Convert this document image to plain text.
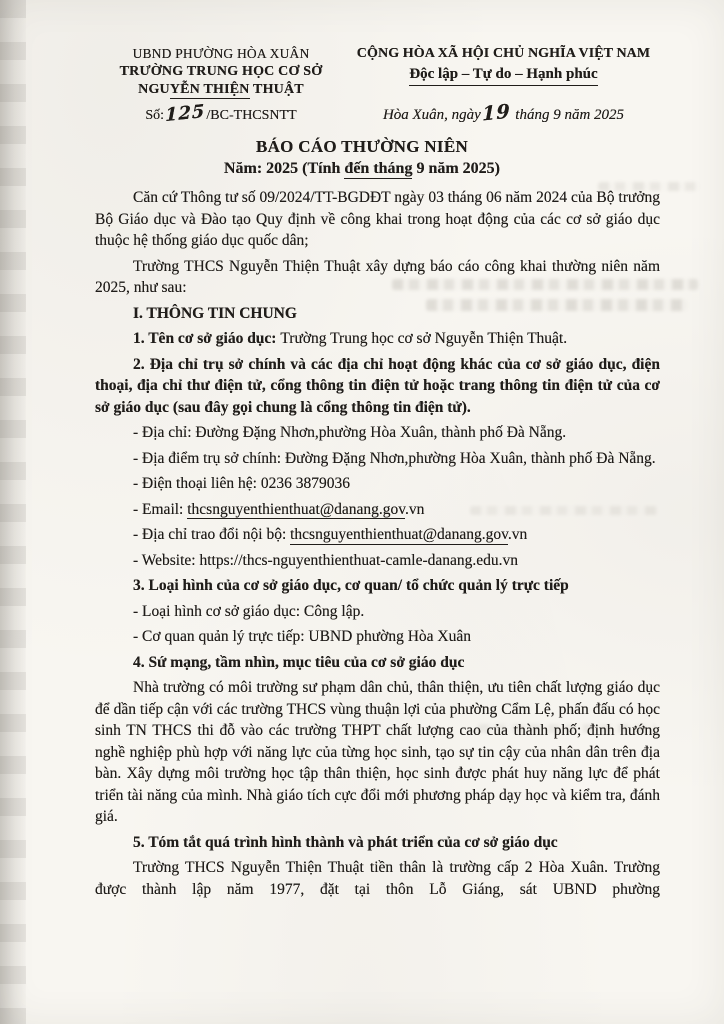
UBND PHƯỜNG HÒA XUÂN
TRƯỜNG TRUNG HỌC CƠ SỞ
NGUYỄN THIỆN THUẬT
Số:125/BC-THCSNTT
CỘNG HÒA XÃ HỘI CHỦ NGHĨA VIỆT NAM
Độc lập – Tự do – Hạnh phúc
Hòa Xuân, ngày19 tháng 9 năm 2025
BÁO CÁO THƯỜNG NIÊN
Năm: 2025 (Tính đến tháng 9 năm 2025)

Căn cứ Thông tư số 09/2024/TT-BGDĐT ngày 03 tháng 06 năm 2024 của Bộ trưởng Bộ Giáo dục và Đào tạo Quy định về công khai trong hoạt động của các cơ sở giáo dục thuộc hệ thống giáo dục quốc dân;

Trường THCS Nguyễn Thiện Thuật xây dựng báo cáo công khai thường niên năm 2025, như sau:

I. THÔNG TIN CHUNG

1. Tên cơ sở giáo dục: Trường Trung học cơ sở Nguyễn Thiện Thuật.

2. Địa chỉ trụ sở chính và các địa chỉ hoạt động khác của cơ sở giáo dục, điện thoại, địa chỉ thư điện tử, cổng thông tin điện tử hoặc trang thông tin điện tử của cơ sở giáo dục (sau đây gọi chung là cổng thông tin điện tử).

- Địa chỉ: Đường Đặng Nhơn,phường Hòa Xuân, thành phố Đà Nẵng.

- Địa điểm trụ sở chính: Đường Đặng Nhơn,phường Hòa Xuân, thành phố Đà Nẵng.

- Điện thoại liên hệ: 0236 3879036

- Email: thcsnguyenthienthuat@danang.gov.vn

- Địa chỉ trao đổi nội bộ: thcsnguyenthienthuat@danang.gov.vn

- Website: https://thcs-nguyenthienthuat-camle-danang.edu.vn

3. Loại hình của cơ sở giáo dục, cơ quan/ tổ chức quản lý trực tiếp

- Loại hình cơ sở giáo dục: Công lập.

- Cơ quan quản lý trực tiếp: UBND phường Hòa Xuân

4. Sứ mạng, tầm nhìn, mục tiêu của cơ sở giáo dục

Nhà trường có môi trường sư phạm dân chủ, thân thiện, ưu tiên chất lượng giáo dục để dần tiếp cận với các trường THCS vùng thuận lợi của phường Cẩm Lệ, phấn đấu có học sinh TN THCS thi đỗ vào các trường THPT chất lượng cao của thành phố; định hướng nghề nghiệp phù hợp với năng lực của từng học sinh, tạo sự tin cậy của nhân dân trên địa bàn. Xây dựng môi trường học tập thân thiện, học sinh được phát huy năng lực để phát triển tài năng của mình. Nhà giáo tích cực đổi mới phương pháp dạy học và kiểm tra, đánh giá.

5. Tóm tắt quá trình hình thành và phát triển của cơ sở giáo dục

Trường THCS Nguyễn Thiện Thuật tiền thân là trường cấp 2 Hòa Xuân. Trường được thành lập năm 1977, đặt tại thôn Lỗ Giáng, sát UBND phường
